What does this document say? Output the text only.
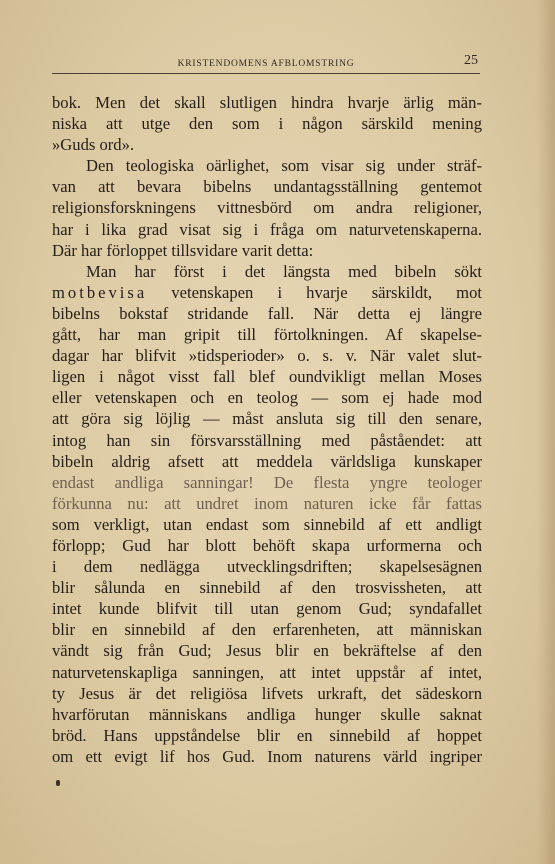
KRISTENDOMENS AFBLOMSTRING	25
bok. Men det skall slutligen hindra hvarje ärlig män-
niska att utge den som i någon särskild mening
»Guds ord».
Den teologiska oärlighet, som visar sig under sträf-
van att bevara bibelns undantagsställning gentemot
religionsforskningens vittnesbörd om andra religioner,
har i lika grad visat sig i fråga om naturvetenskaperna.
Där har förloppet tillsvidare varit detta:
Man har först i det längsta med bibeln sökt
motbevisa vetenskapen i hvarje särskildt, mot
bibelns bokstaf stridande fall. När detta ej längre
gått, har man gripit till förtolkningen. Af skapelse-
dagar har blifvit »tidsperioder» o. s. v. När valet slut-
ligen i något visst fall blef oundvikligt mellan Moses
eller vetenskapen och en teolog — som ej hade mod
att göra sig löjlig — måst ansluta sig till den senare,
intog han sin försvarsställning med påståendet: att
bibeln aldrig afsett att meddela världsliga kunskaper
endast andliga sanningar! De flesta yngre teologer
förkunna nu: att undret inom naturen icke får fattas
som verkligt, utan endast som sinnebild af ett andligt
förlopp; Gud har blott behöft skapa urformerna och
i dem nedlägga utvecklingsdriften; skapelsesägnen
blir sålunda en sinnebild af den trosvissheten, att
intet kunde blifvit till utan genom Gud; syndafallet
blir en sinnebild af den erfarenheten, att människan
vändt sig från Gud; Jesus blir en bekräftelse af den
naturvetenskapliga sanningen, att intet uppstår af intet,
ty Jesus är det religiösa lifvets urkraft, det sädeskorn
hvarförutan människans andliga hunger skulle saknat
bröd. Hans uppståndelse blir en sinnebild af hoppet
om ett evigt lif hos Gud. Inom naturens värld ingriper
